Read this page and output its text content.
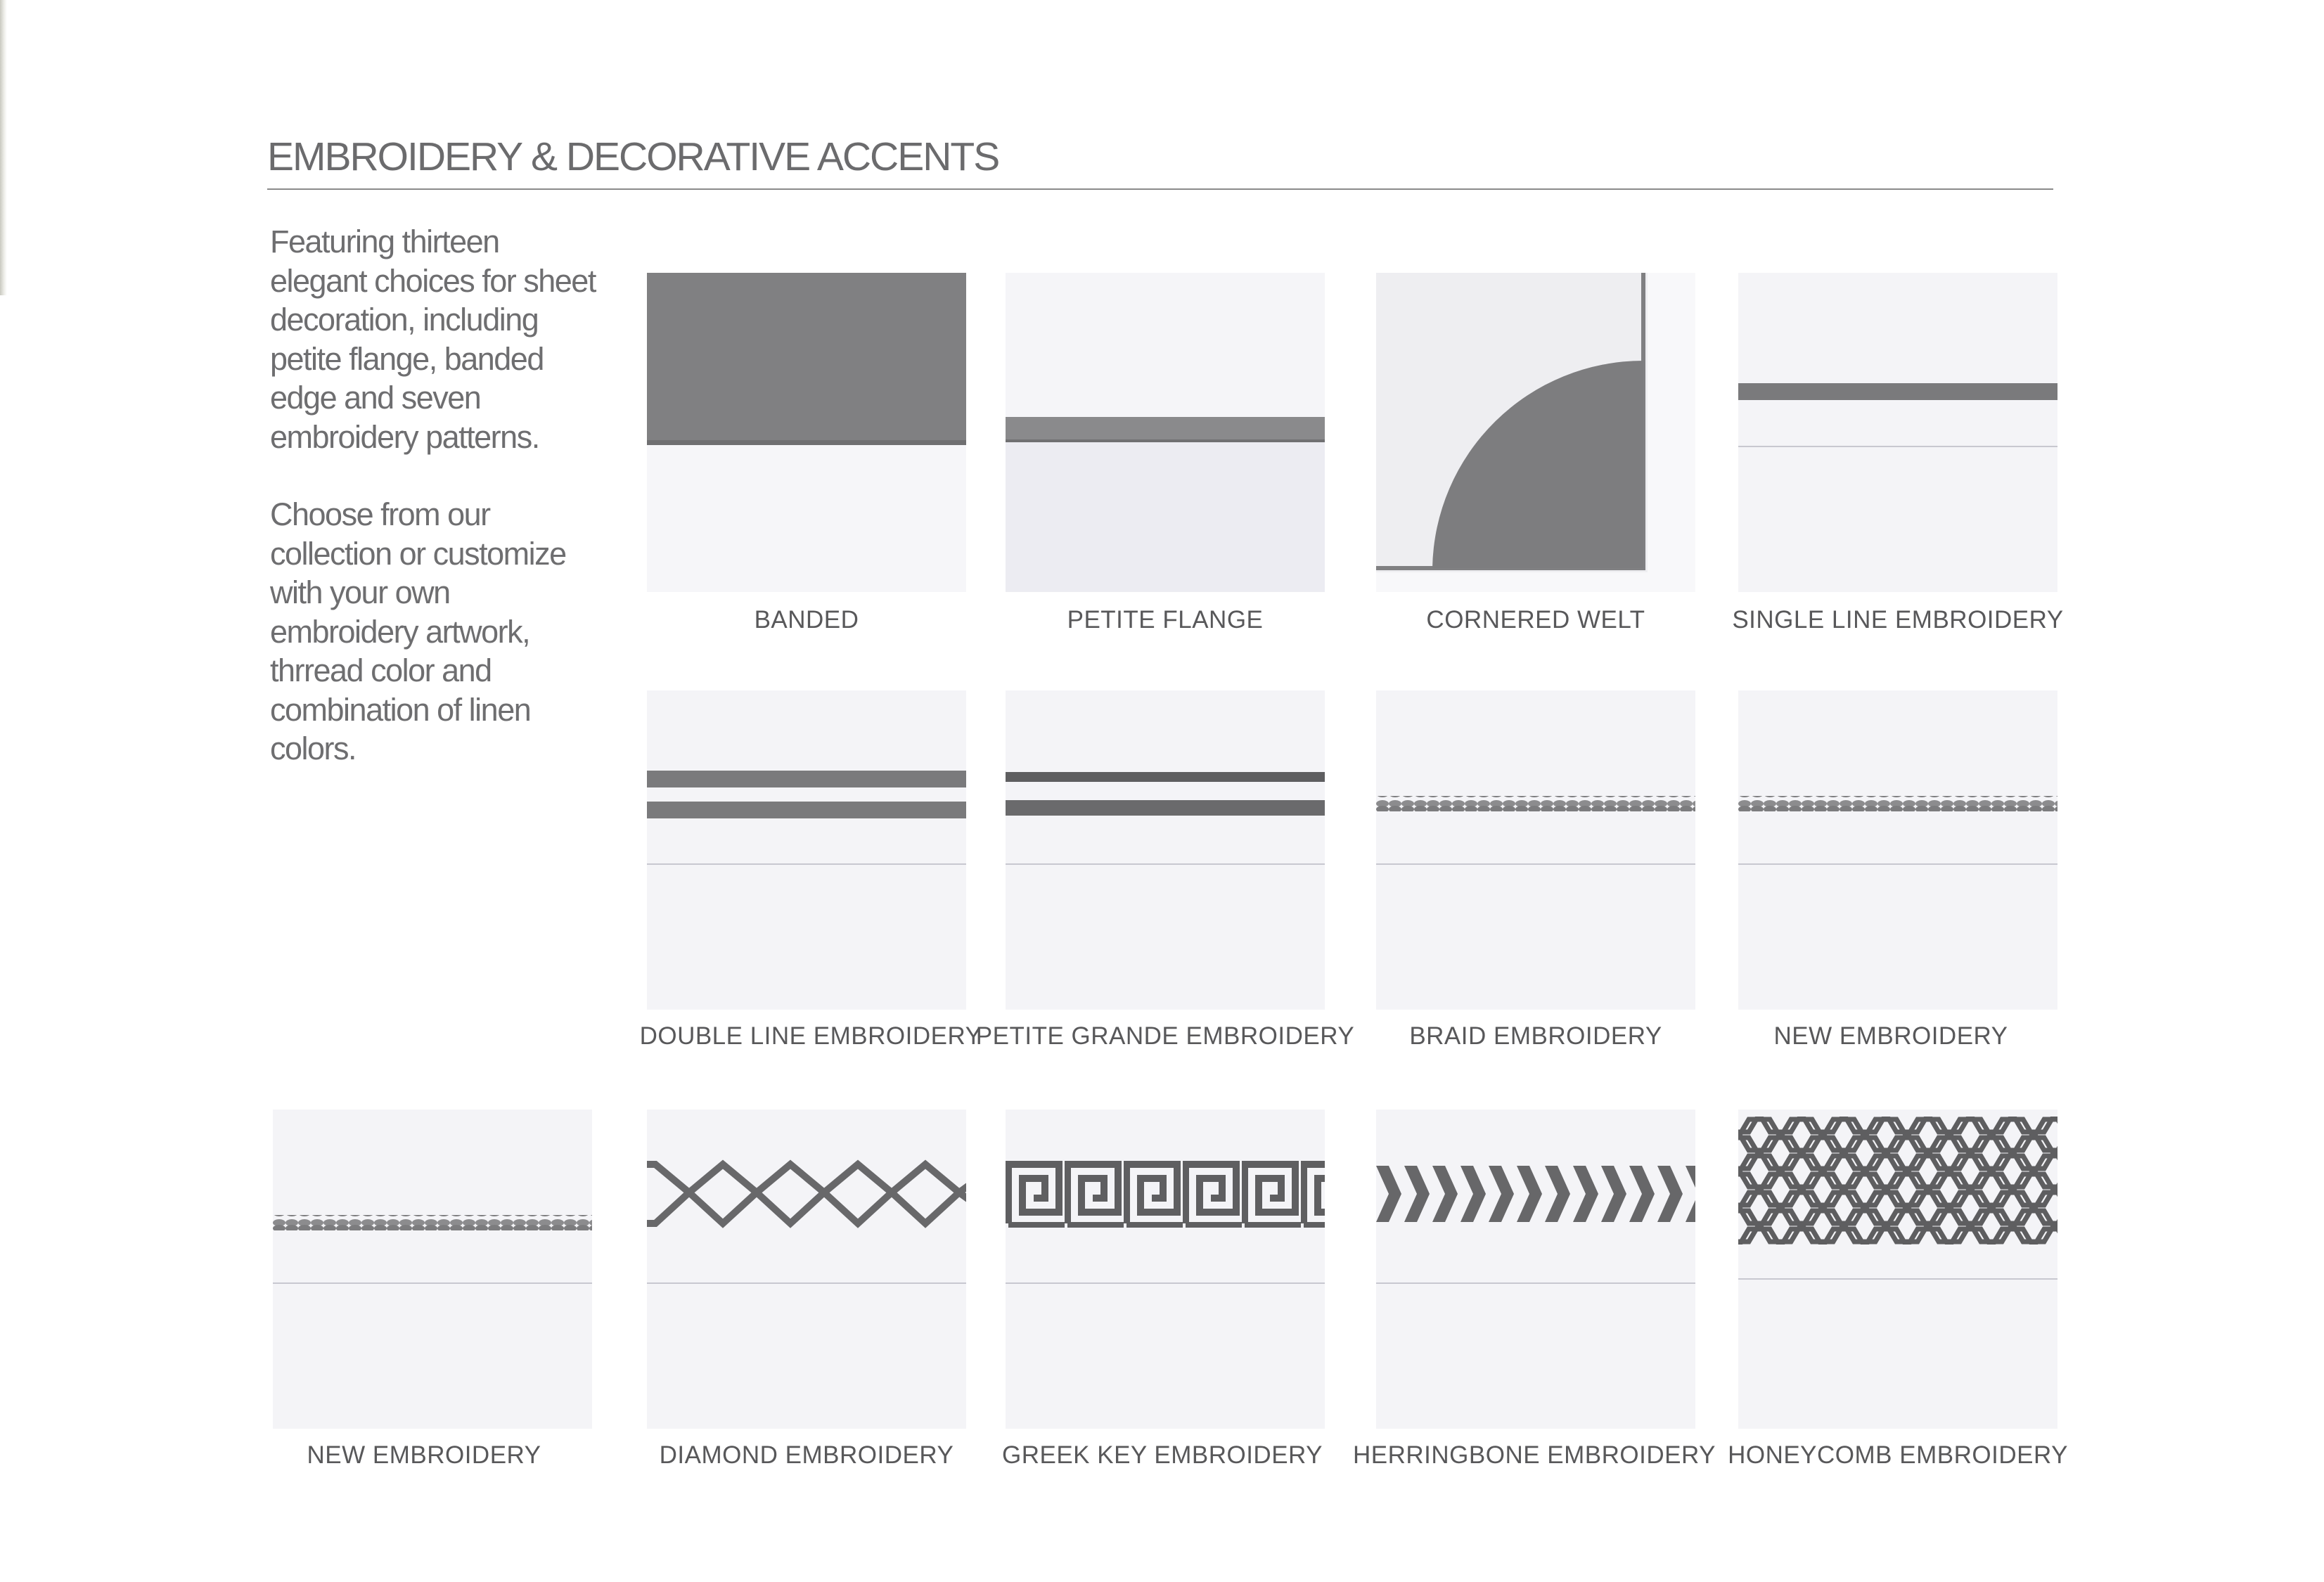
EMBROIDERY & DECORATIVE ACCENTS

Featuring thirteen elegant choices for sheet decoration, including petite flange, banded edge and seven embroidery patterns.

Choose from our collection or customize with your own embroidery artwork, thrread color and combination of linen colors.

BANDED	PETITE FLANGE	CORNERED WELT	SINGLE LINE EMBROIDERY
DOUBLE LINE EMBROIDERY
PETITE GRANDE EMBROIDERY	BRAID EMBROIDERY	NEW EMBROIDERY
NEW EMBROIDERY	DIAMOND EMBROIDERY	GREEK KEY EMBROIDERY	HERRINGBONE EMBROIDERY HONEYCOMB EMBROIDERY
